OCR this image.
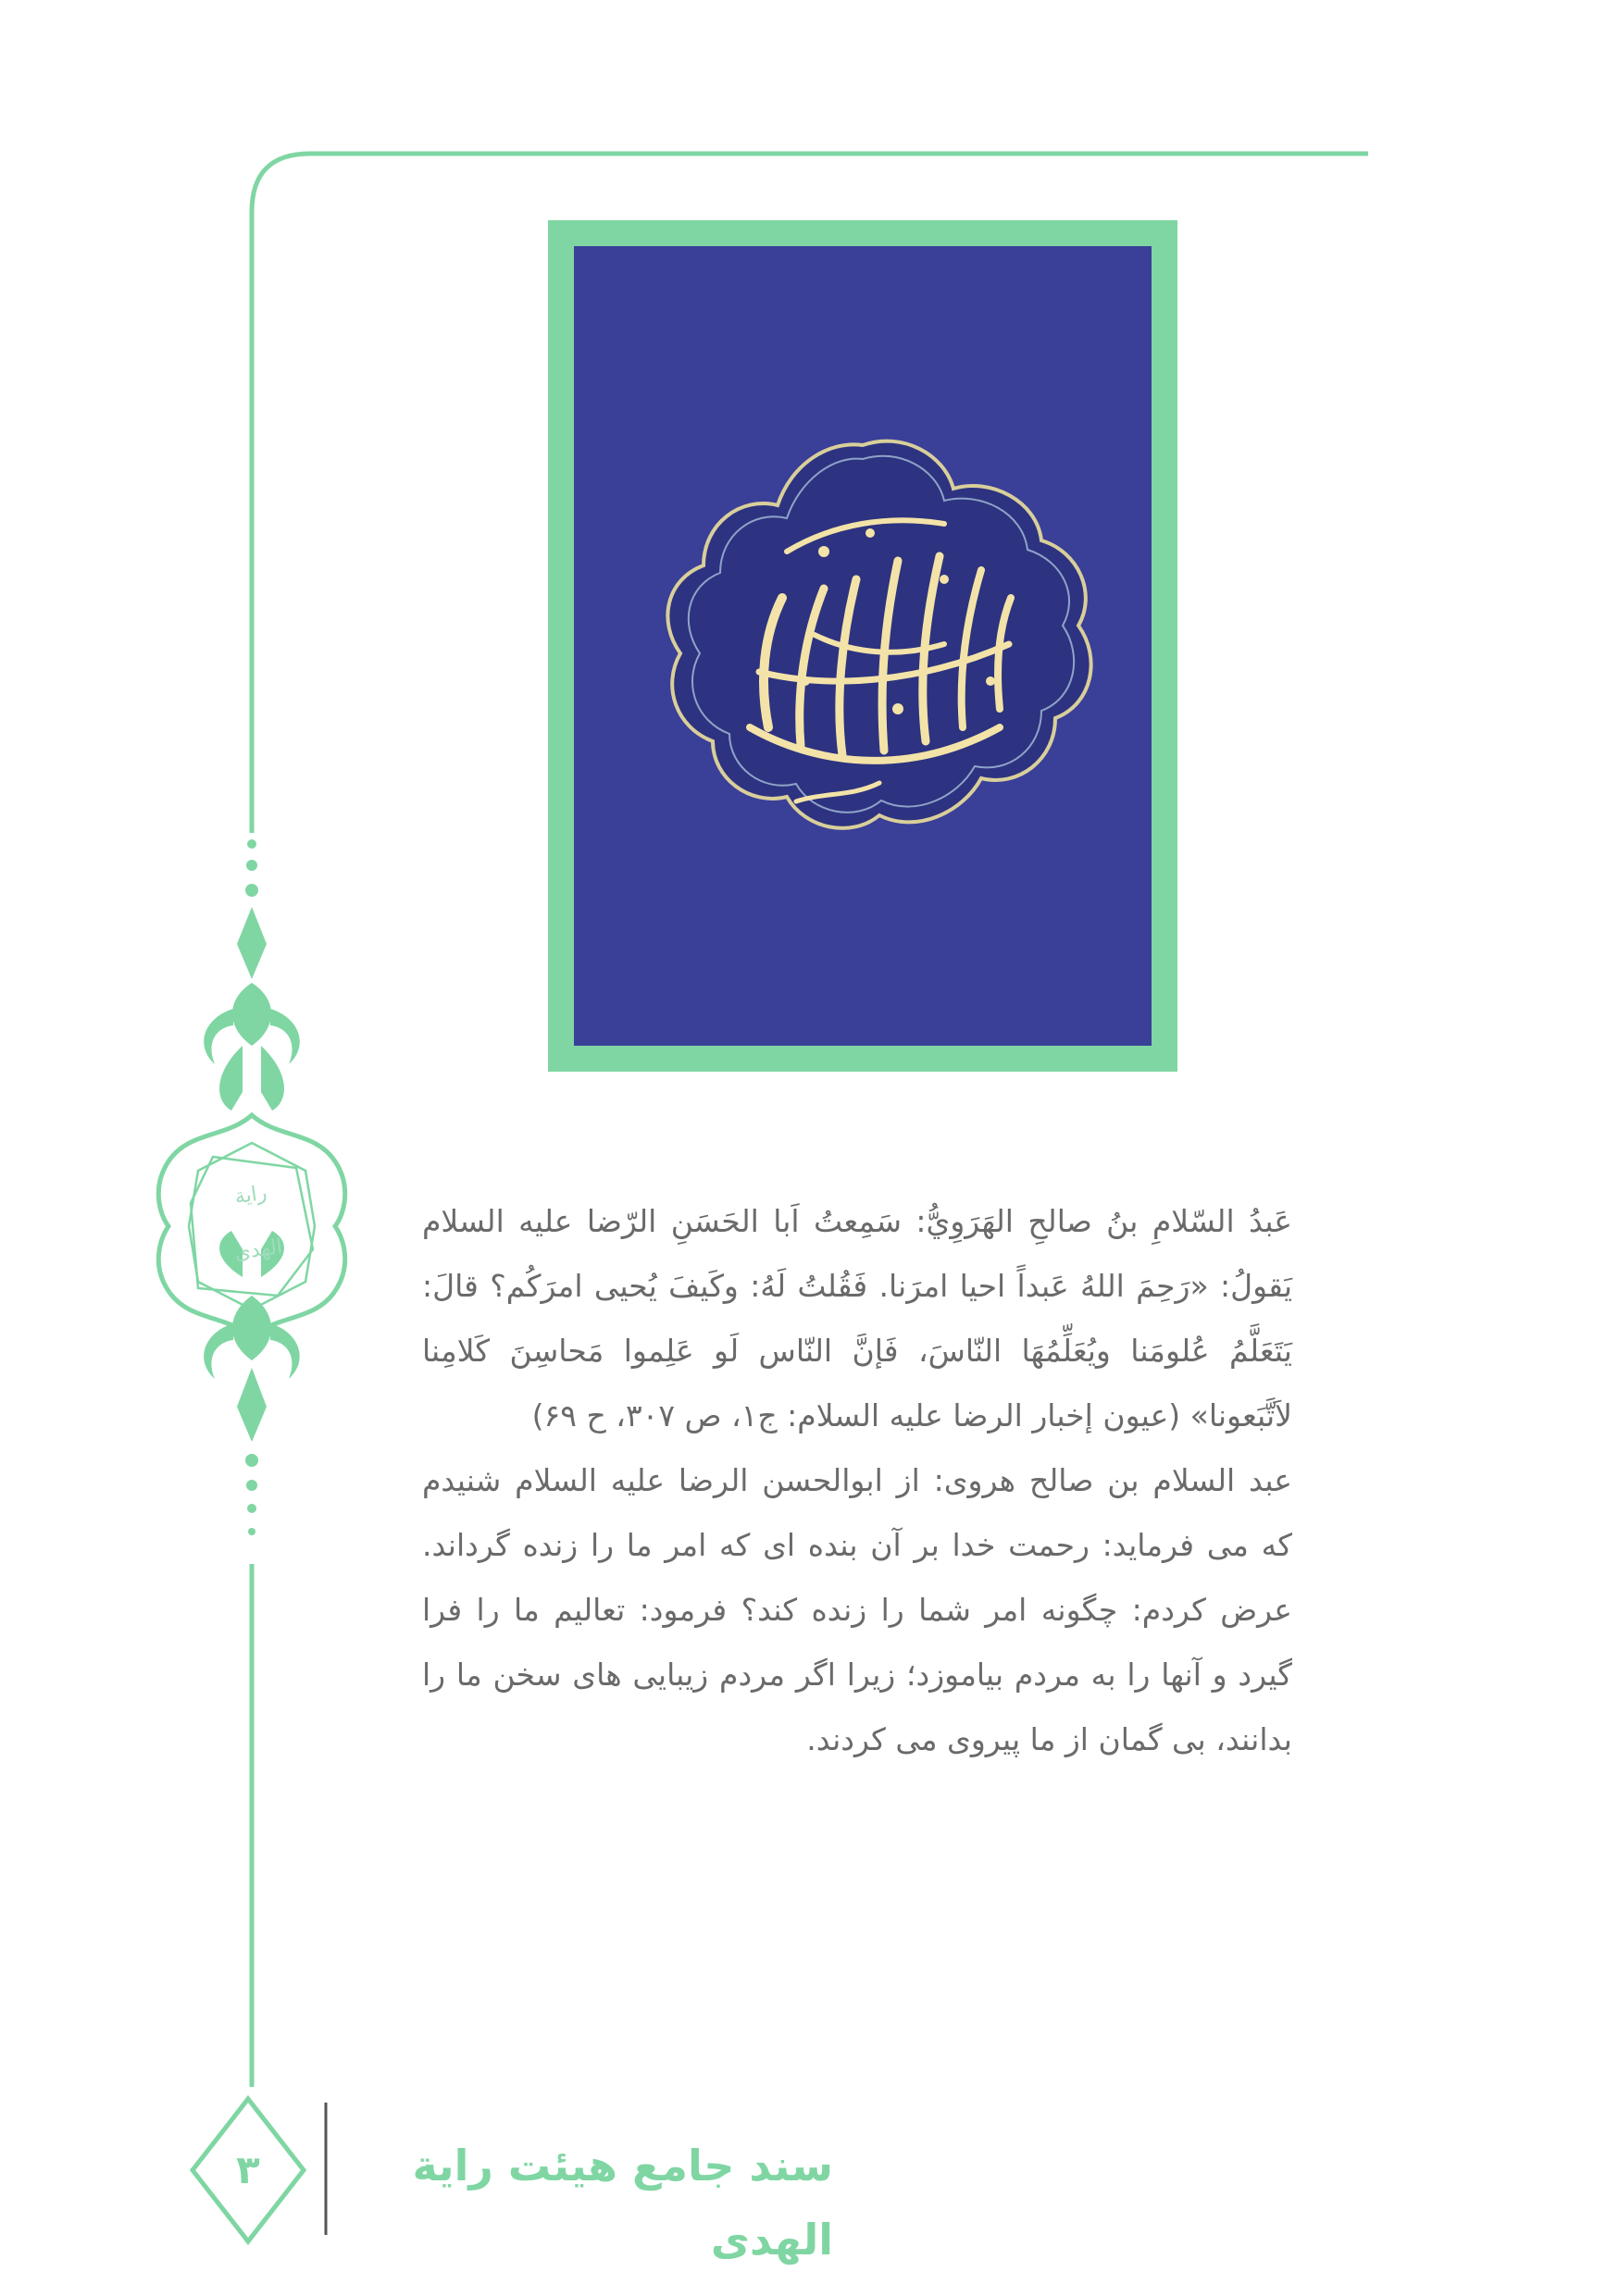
رایة الهدی

عَبدُ السّلامِ بنُ صالحِ الهَرَوِيُّ: سَمِعتُ اَبا الحَسَنِ الرّضا علیه السلام یَقولُ: «رَحِمَ اللهُ عَبداً احیا امرَنا. فَقُلتُ لَهُ: وکَیفَ یُحیی امرَکُم؟ قالَ: یَتَعَلَّمُ عُلومَنا ویُعَلِّمُهَا النّاسَ، فَإنَّ النّاس لَو عَلِموا مَحاسِنَ کَلامِنا لاَتَّبَعونا» (عیون إخبار الرضا علیه السلام: ج۱، ص ۳۰۷، ح ۶۹)

عبد السلام بن صالح هروی: از ابوالحسن الرضا علیه السلام شنیدم که می فرماید: رحمت خدا بر آن بنده ای که امر ما را زنده گرداند. عرض کردم: چگونه امر شما را زنده کند؟ فرمود: تعالیم ما را فرا گیرد و آنها را به مردم بیاموزد؛ زیرا اگر مردم زیبایی های سخن ما را بدانند، بی گمان از ما پیروی می کردند.

سند جامع هیئت رایة الهدی
۳
